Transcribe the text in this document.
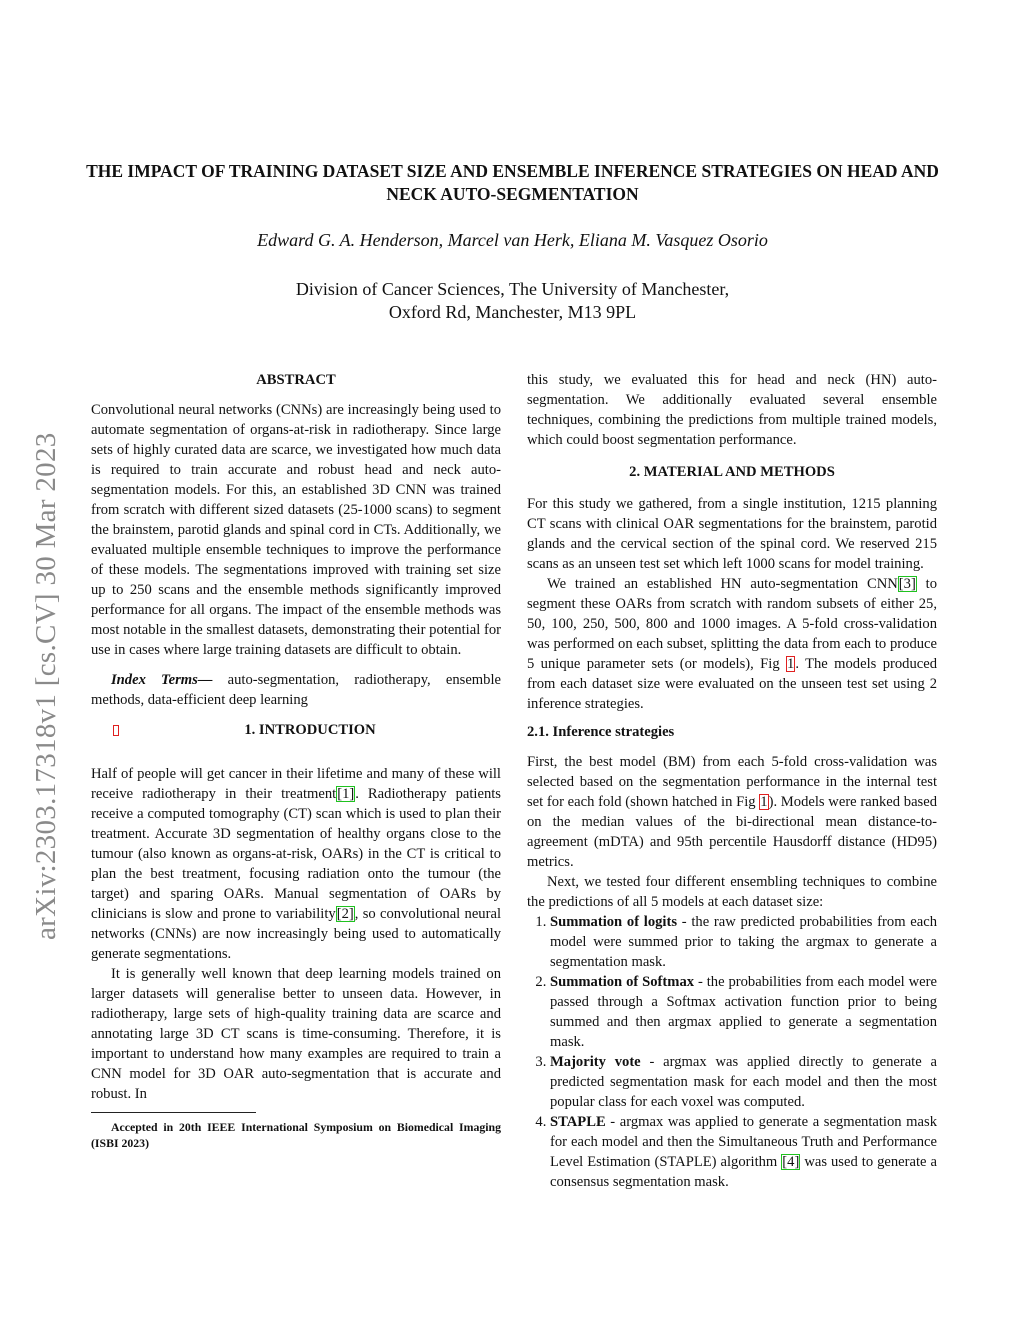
arXiv:2303.17318v1 [cs.CV] 30 Mar 2023
THE IMPACT OF TRAINING DATASET SIZE AND ENSEMBLE INFERENCE STRATEGIES ON HEAD AND NECK AUTO-SEGMENTATION
Edward G. A. Henderson, Marcel van Herk, Eliana M. Vasquez Osorio
Division of Cancer Sciences, The University of Manchester,
Oxford Rd, Manchester, M13 9PL

ABSTRACT

Convolutional neural networks (CNNs) are increasingly being used to automate segmentation of organs-at-risk in radiotherapy. Since large sets of highly curated data are scarce, we investigated how much data is required to train accurate and robust head and neck auto-segmentation models. For this, an established 3D CNN was trained from scratch with different sized datasets (25-1000 scans) to segment the brainstem, parotid glands and spinal cord in CTs. Additionally, we evaluated multiple ensemble techniques to improve the performance of these models. The segmentations improved with training set size up to 250 scans and the ensemble methods significantly improved performance for all organs. The impact of the ensemble methods was most notable in the smallest datasets, demonstrating their potential for use in cases where large training datasets are difficult to obtain.

Index Terms— auto-segmentation, radiotherapy, ensemble methods, data-efficient deep learning

1. INTRODUCTION

Half of people will get cancer in their lifetime and many of these will receive radiotherapy in their treatment[1]. Radiotherapy patients receive a computed tomography (CT) scan which is used to plan their treatment. Accurate 3D segmentation of healthy organs close to the tumour (also known as organs-at-risk, OARs) in the CT is critical to plan the best treatment, focusing radiation onto the tumour (the target) and sparing OARs. Manual segmentation of OARs by clinicians is slow and prone to variability[2], so convolutional neural networks (CNNs) are now increasingly being used to automatically generate segmentations.

It is generally well known that deep learning models trained on larger datasets will generalise better to unseen data. However, in radiotherapy, large sets of high-quality training data are scarce and annotating large 3D CT scans is time-consuming. Therefore, it is important to understand how many examples are required to train a CNN model for 3D OAR auto-segmentation that is accurate and robust. In

Accepted in 20th IEEE International Symposium on Biomedical Imaging (ISBI 2023)

this study, we evaluated this for head and neck (HN) auto-segmentation. We additionally evaluated several ensemble techniques, combining the predictions from multiple trained models, which could boost segmentation performance.

2. MATERIAL AND METHODS

For this study we gathered, from a single institution, 1215 planning CT scans with clinical OAR segmentations for the brainstem, parotid glands and the cervical section of the spinal cord. We reserved 215 scans as an unseen test set which left 1000 scans for model training.

We trained an established HN auto-segmentation CNN[3] to segment these OARs from scratch with random subsets of either 25, 50, 100, 250, 500, 800 and 1000 images. A 5-fold cross-validation was performed on each subset, splitting the data from each to produce 5 unique parameter sets (or models), Fig 1. The models produced from each dataset size were evaluated on the unseen test set using 2 inference strategies.

2.1. Inference strategies

First, the best model (BM) from each 5-fold cross-validation was selected based on the segmentation performance in the internal test set for each fold (shown hatched in Fig 1). Models were ranked based on the median values of the bi-directional mean distance-to-agreement (mDTA) and 95th percentile Hausdorff distance (HD95) metrics.

Next, we tested four different ensembling techniques to combine the predictions of all 5 models at each dataset size:

1. Summation of logits - the raw predicted probabilities from each model were summed prior to taking the argmax to generate a segmentation mask.
2. Summation of Softmax - the probabilities from each model were passed through a Softmax activation function prior to being summed and then argmax applied to generate a segmentation mask.
3. Majority vote - argmax was applied directly to generate a predicted segmentation mask for each model and then the most popular class for each voxel was computed.
4. STAPLE - argmax was applied to generate a segmentation mask for each model and then the Simultaneous Truth and Performance Level Estimation (STAPLE) algorithm [4] was used to generate a consensus segmentation mask.
